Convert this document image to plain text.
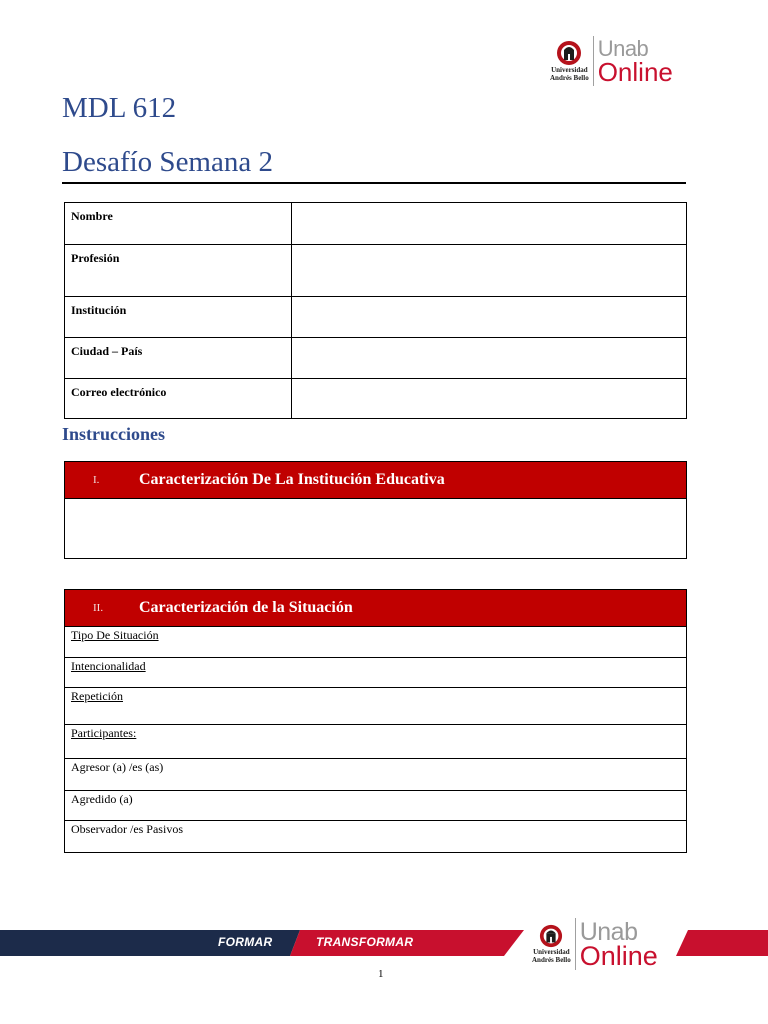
Universidad
Andrés Bello
Unab
Online
MDL 612
Desafío Semana 2
Nombre	
Profesión	
Institución	
Ciudad – País	
Correo electrónico	
Instrucciones
I.	Caracterización De La Institución Educativa
II.	Caracterización de la Situación
Tipo De Situación
Intencionalidad
Repetición
Participantes:
Agresor (a) /es (as)
Agredido (a)
Observador /es Pasivos
FORMAR	TRANSFORMAR
Universidad
Andrés Bello
Unab
Online
1
